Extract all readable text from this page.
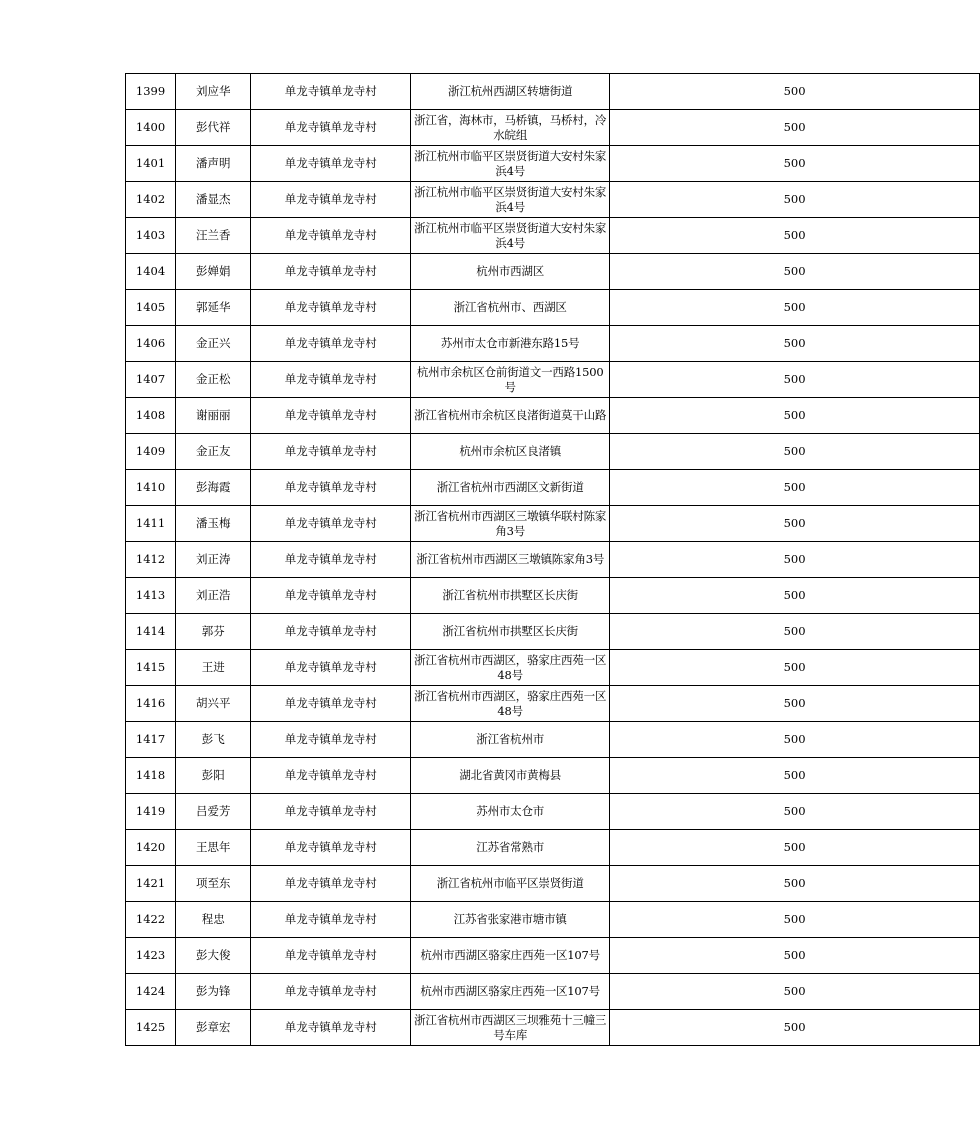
1399	刘应华	单龙寺镇单龙寺村	浙江杭州西湖区转塘街道	500
1400	彭代祥	单龙寺镇单龙寺村	浙江省，海林市，马桥镇，马桥村，冷水皖组	500
1401	潘声明	单龙寺镇单龙寺村	浙江杭州市临平区崇贤街道大安村朱家浜4号	500
1402	潘显杰	单龙寺镇单龙寺村	浙江杭州市临平区崇贤街道大安村朱家浜4号	500
1403	汪兰香	单龙寺镇单龙寺村	浙江杭州市临平区崇贤街道大安村朱家浜4号	500
1404	彭婵娟	单龙寺镇单龙寺村	杭州市西湖区	500
1405	郭延华	单龙寺镇单龙寺村	浙江省杭州市、西湖区	500
1406	金正兴	单龙寺镇单龙寺村	苏州市太仓市新港东路15号	500
1407	金正松	单龙寺镇单龙寺村	杭州市余杭区仓前街道文一西路1500号	500
1408	谢丽丽	单龙寺镇单龙寺村	浙江省杭州市余杭区良渚街道莫干山路	500
1409	金正友	单龙寺镇单龙寺村	杭州市余杭区良渚镇	500
1410	彭海霞	单龙寺镇单龙寺村	浙江省杭州市西湖区文新街道	500
1411	潘玉梅	单龙寺镇单龙寺村	浙江省杭州市西湖区三墩镇华联村陈家角3号	500
1412	刘正涛	单龙寺镇单龙寺村	浙江省杭州市西湖区三墩镇陈家角3号	500
1413	刘正浩	单龙寺镇单龙寺村	浙江省杭州市拱墅区长庆街	500
1414	郭芬	单龙寺镇单龙寺村	浙江省杭州市拱墅区长庆街	500
1415	王进	单龙寺镇单龙寺村	浙江省杭州市西湖区，骆家庄西苑一区48号	500
1416	胡兴平	单龙寺镇单龙寺村	浙江省杭州市西湖区，骆家庄西苑一区48号	500
1417	彭飞	单龙寺镇单龙寺村	浙江省杭州市	500
1418	彭阳	单龙寺镇单龙寺村	湖北省黄冈市黄梅县	500
1419	吕爱芳	单龙寺镇单龙寺村	苏州市太仓市	500
1420	王思年	单龙寺镇单龙寺村	江苏省常熟市	500
1421	项至东	单龙寺镇单龙寺村	浙江省杭州市临平区崇贤街道	500
1422	程忠	单龙寺镇单龙寺村	江苏省张家港市塘市镇	500
1423	彭大俊	单龙寺镇单龙寺村	杭州市西湖区骆家庄西苑一区107号	500
1424	彭为锋	单龙寺镇单龙寺村	杭州市西湖区骆家庄西苑一区107号	500
1425	彭章宏	单龙寺镇单龙寺村	浙江省杭州市西湖区三坝雅苑十三幢三号车库	500
